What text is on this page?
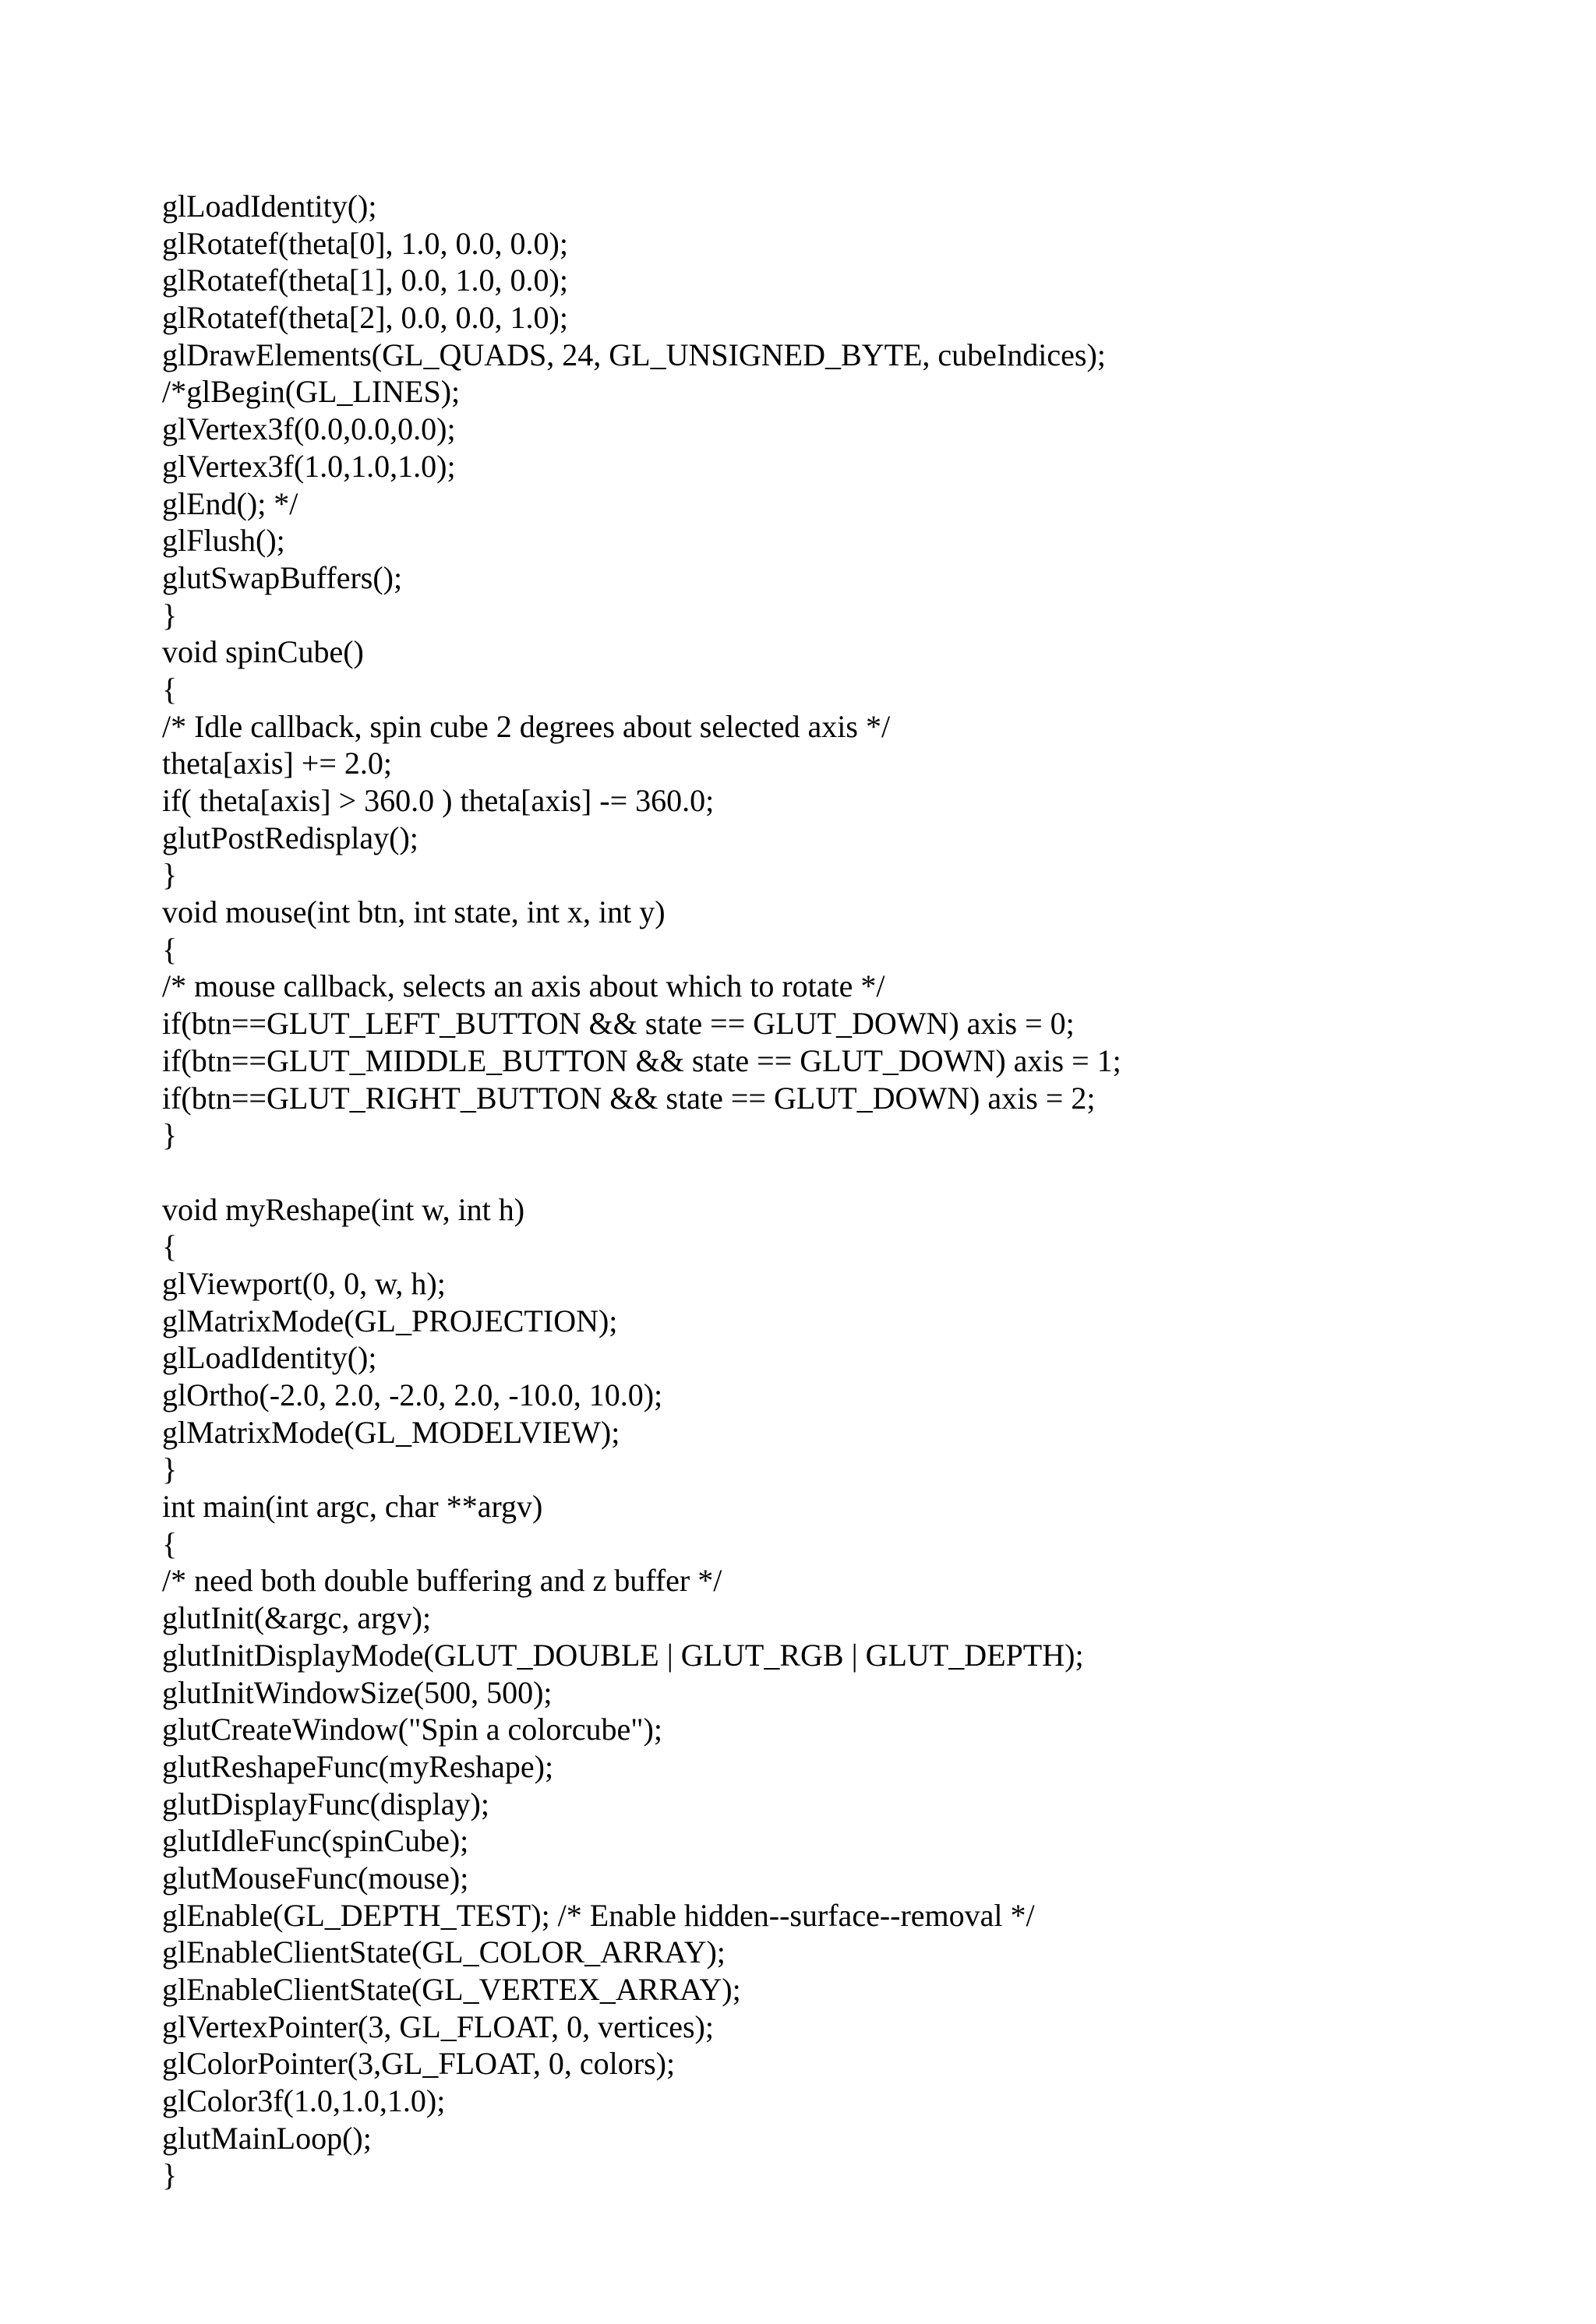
glLoadIdentity();
glRotatef(theta[0], 1.0, 0.0, 0.0);
glRotatef(theta[1], 0.0, 1.0, 0.0);
glRotatef(theta[2], 0.0, 0.0, 1.0);
glDrawElements(GL_QUADS, 24, GL_UNSIGNED_BYTE, cubeIndices);
/*glBegin(GL_LINES);
glVertex3f(0.0,0.0,0.0);
glVertex3f(1.0,1.0,1.0);
glEnd(); */
glFlush();
glutSwapBuffers();
}
void spinCube()
{
/* Idle callback, spin cube 2 degrees about selected axis */
theta[axis] += 2.0;
if( theta[axis] > 360.0 ) theta[axis] -= 360.0;
glutPostRedisplay();
}
void mouse(int btn, int state, int x, int y)
{
/* mouse callback, selects an axis about which to rotate */
if(btn==GLUT_LEFT_BUTTON && state == GLUT_DOWN) axis = 0;
if(btn==GLUT_MIDDLE_BUTTON && state == GLUT_DOWN) axis = 1;
if(btn==GLUT_RIGHT_BUTTON && state == GLUT_DOWN) axis = 2;
}
void myReshape(int w, int h)
{
glViewport(0, 0, w, h);
glMatrixMode(GL_PROJECTION);
glLoadIdentity();
glOrtho(-2.0, 2.0, -2.0, 2.0, -10.0, 10.0);
glMatrixMode(GL_MODELVIEW);
}
int main(int argc, char **argv)
{
/* need both double buffering and z buffer */
glutInit(&argc, argv);
glutInitDisplayMode(GLUT_DOUBLE | GLUT_RGB | GLUT_DEPTH);
glutInitWindowSize(500, 500);
glutCreateWindow("Spin a colorcube");
glutReshapeFunc(myReshape);
glutDisplayFunc(display);
glutIdleFunc(spinCube);
glutMouseFunc(mouse);
glEnable(GL_DEPTH_TEST); /* Enable hidden--surface--removal */
glEnableClientState(GL_COLOR_ARRAY);
glEnableClientState(GL_VERTEX_ARRAY);
glVertexPointer(3, GL_FLOAT, 0, vertices);
glColorPointer(3,GL_FLOAT, 0, colors);
glColor3f(1.0,1.0,1.0);
glutMainLoop();
}
